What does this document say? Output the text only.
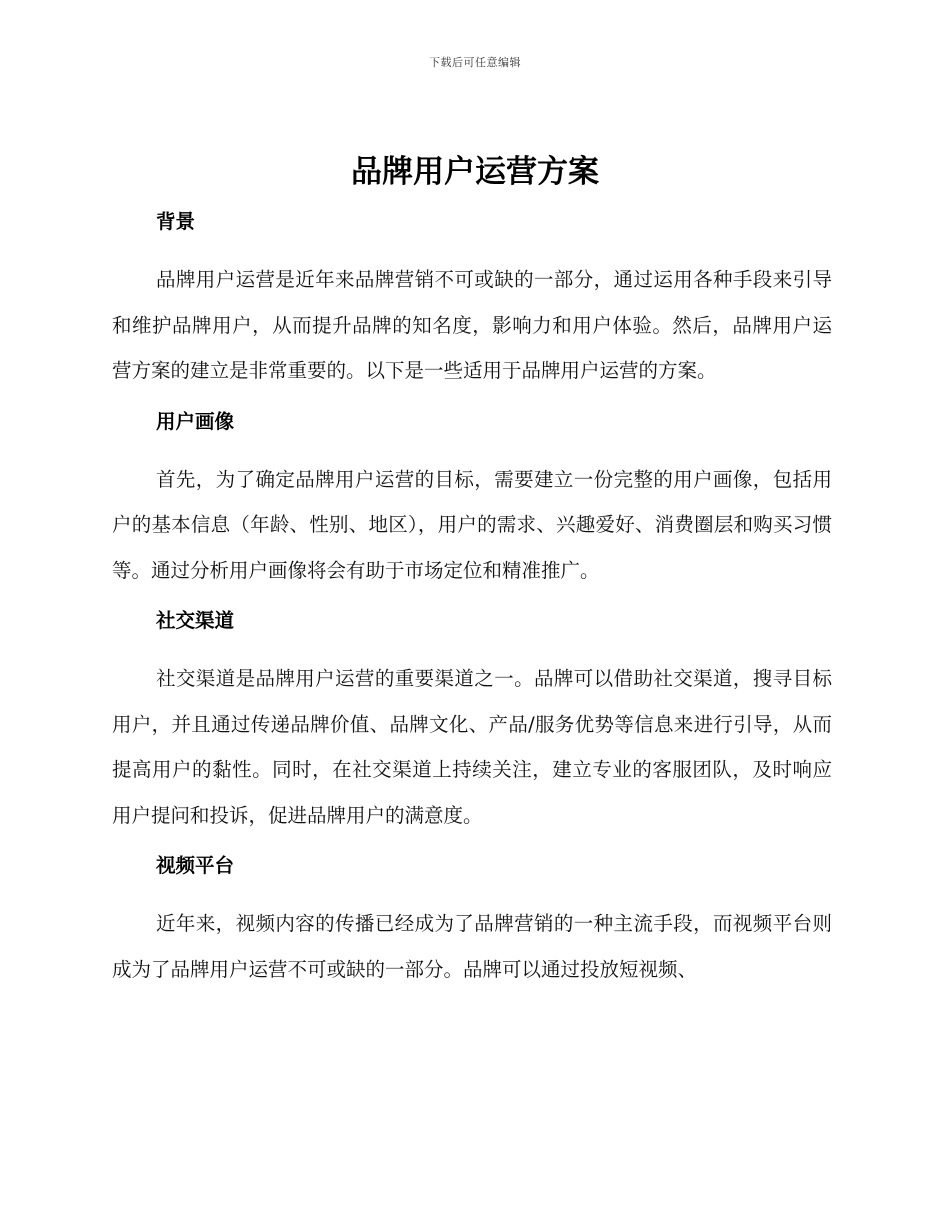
下载后可任意编辑
品牌用户运营方案
背景

品牌用户运营是近年来品牌营销不可或缺的一部分，通过运用各种手段来引导和维护品牌用户，从而提升品牌的知名度，影响力和用户体验。然后，品牌用户运营方案的建立是非常重要的。以下是一些适用于品牌用户运营的方案。

用户画像

首先，为了确定品牌用户运营的目标，需要建立一份完整的用户画像，包括用户的基本信息（年龄、性别、地区），用户的需求、兴趣爱好、消费圈层和购买习惯等。通过分析用户画像将会有助于市场定位和精准推广。

社交渠道

社交渠道是品牌用户运营的重要渠道之一。品牌可以借助社交渠道，搜寻目标用户，并且通过传递品牌价值、品牌文化、产品/服务优势等信息来进行引导，从而提高用户的黏性。同时，在社交渠道上持续关注，建立专业的客服团队，及时响应用户提问和投诉，促进品牌用户的满意度。

视频平台

近年来，视频内容的传播已经成为了品牌营销的一种主流手段，而视频平台则成为了品牌用户运营不可或缺的一部分。品牌可以通过投放短视频、
